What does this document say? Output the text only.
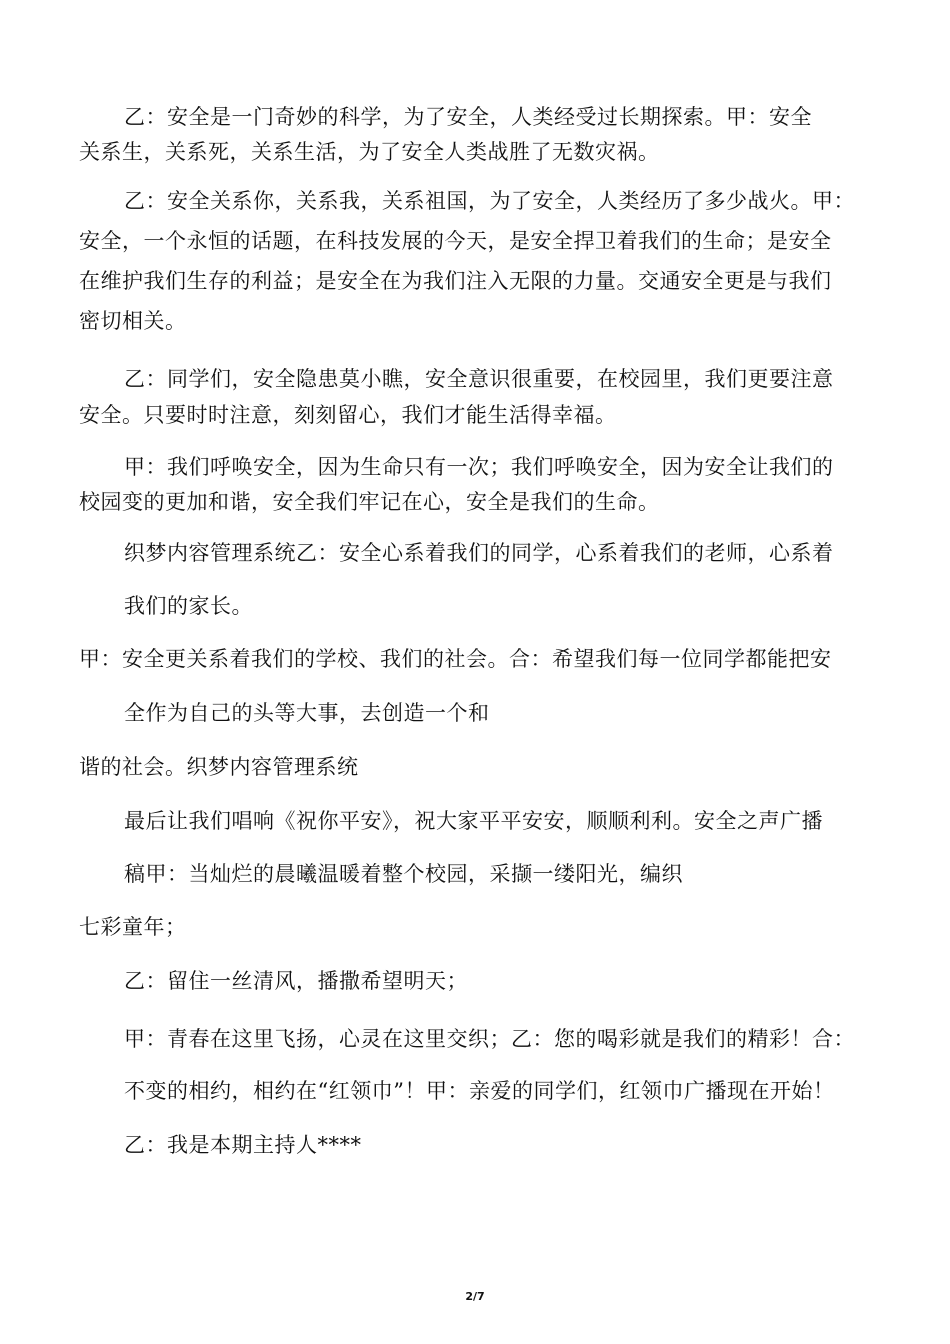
乙：安全是一门奇妙的科学，为了安全，人类经受过长期探索。甲：安全
关系生，关系死，关系生活，为了安全人类战胜了无数灾祸。
乙：安全关系你，关系我，关系祖国，为了安全，人类经历了多少战火。甲：
安全，一个永恒的话题，在科技发展的今天，是安全捍卫着我们的生命；是安全
在维护我们生存的利益；是安全在为我们注入无限的力量。交通安全更是与我们
密切相关。
乙：同学们，安全隐患莫小瞧，安全意识很重要，在校园里，我们更要注意
安全。只要时时注意，刻刻留心，我们才能生活得幸福。
甲：我们呼唤安全，因为生命只有一次；我们呼唤安全，因为安全让我们的
校园变的更加和谐，安全我们牢记在心，安全是我们的生命。
织梦内容管理系统乙：安全心系着我们的同学，心系着我们的老师，心系着
我们的家长。
甲：安全更关系着我们的学校、我们的社会。合：希望我们每一位同学都能把安
全作为自己的头等大事，去创造一个和
谐的社会。织梦内容管理系统
最后让我们唱响《祝你平安》，祝大家平平安安，顺顺利利。安全之声广播
稿甲：当灿烂的晨曦温暖着整个校园，采撷一缕阳光，编织
七彩童年；
乙：留住一丝清风，播撒希望明天；
甲：青春在这里飞扬，心灵在这里交织；乙：您的喝彩就是我们的精彩！合：
不变的相约，相约在“红领巾”！甲：亲爱的同学们，红领巾广播现在开始！
乙：我是本期主持人****
2/7
